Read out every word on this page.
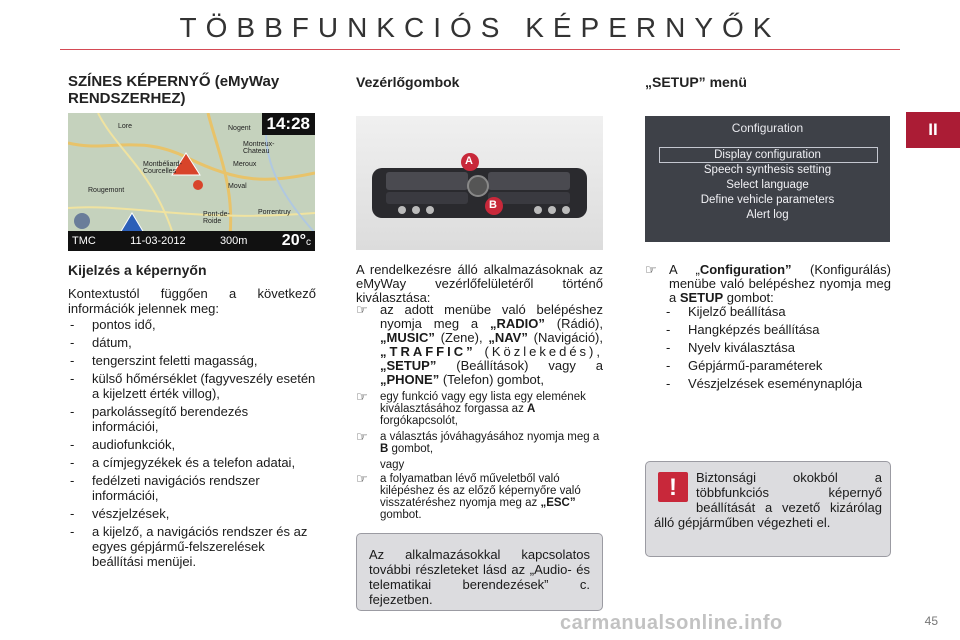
TÖBBFUNKCIÓS KÉPERNYŐK
II
SZÍNES KÉPERNYŐ (eMyWay RENDSZERHEZ)
Lore	Nogent
Montreux-Chateau
Meroux
Montbéliard-Courcelles
Rougemont
Moval
Pont-de-Roide
Porrentruy
14:28
TMC	11-03-2012	300m 20°c
Kijelzés a képernyőn
Kontextustól függően a következő információk jelennek meg:
- pontos idő,
- dátum,
- tengerszint feletti magasság,
- külső hőmérséklet (fagyveszély esetén a kijelzett érték villog),
- parkolássegítő berendezés információi,
- audiofunkciók,
- a címjegyzékek és a telefon adatai,
- fedélzeti navigációs rendszer információi,
- vészjelzések,
- a kijelző, a navigációs rendszer és az egyes gépjármű-felszerelések beállítási menüjei.
Vezérlőgombok
A
B
A rendelkezésre álló alkalmazásoknak az eMyWay vezérlőfelületéről történő kiválasztása:
☞ az adott menübe való belépéshez nyomja meg a „RADIO” (Rádió), „MUSIC” (Zene), „NAV” (Navigáció), „TRAFFIC” (Közlekedés), „SETUP” (Beállítások) vagy a „PHONE” (Telefon) gombot,
☞ egy funkció vagy egy lista egy elemének kiválasztásához forgassa az A forgókapcsolót,
☞ a választás jóváhagyásához nyomja meg a B gombot,
vagy
☞ a folyamatban lévő műveletből való kilépéshez és az előző képernyőre való visszatéréshez nyomja meg az „ESC” gombot.
Az alkalmazásokkal kapcsolatos további részleteket lásd az „Audio- és telematikai berendezések” c. fejezetben.
„SETUP” menü
Configuration
Display configuration
Speech synthesis setting
Select language
Define vehicle parameters
Alert log
☞ A „Configuration” (Konfigurálás) menübe való belépéshez nyomja meg a SETUP gombot:
- Kijelző beállítása
- Hangképzés beállítása
- Nyelv kiválasztása
- Gépjármű-paraméterek
- Vészjelzések eseménynaplója
!	Biztonsági okokból a többfunkciós képernyő beállítását a vezető kizárólag álló gépjárműben végezheti el.
carmanualsonline.info	45
